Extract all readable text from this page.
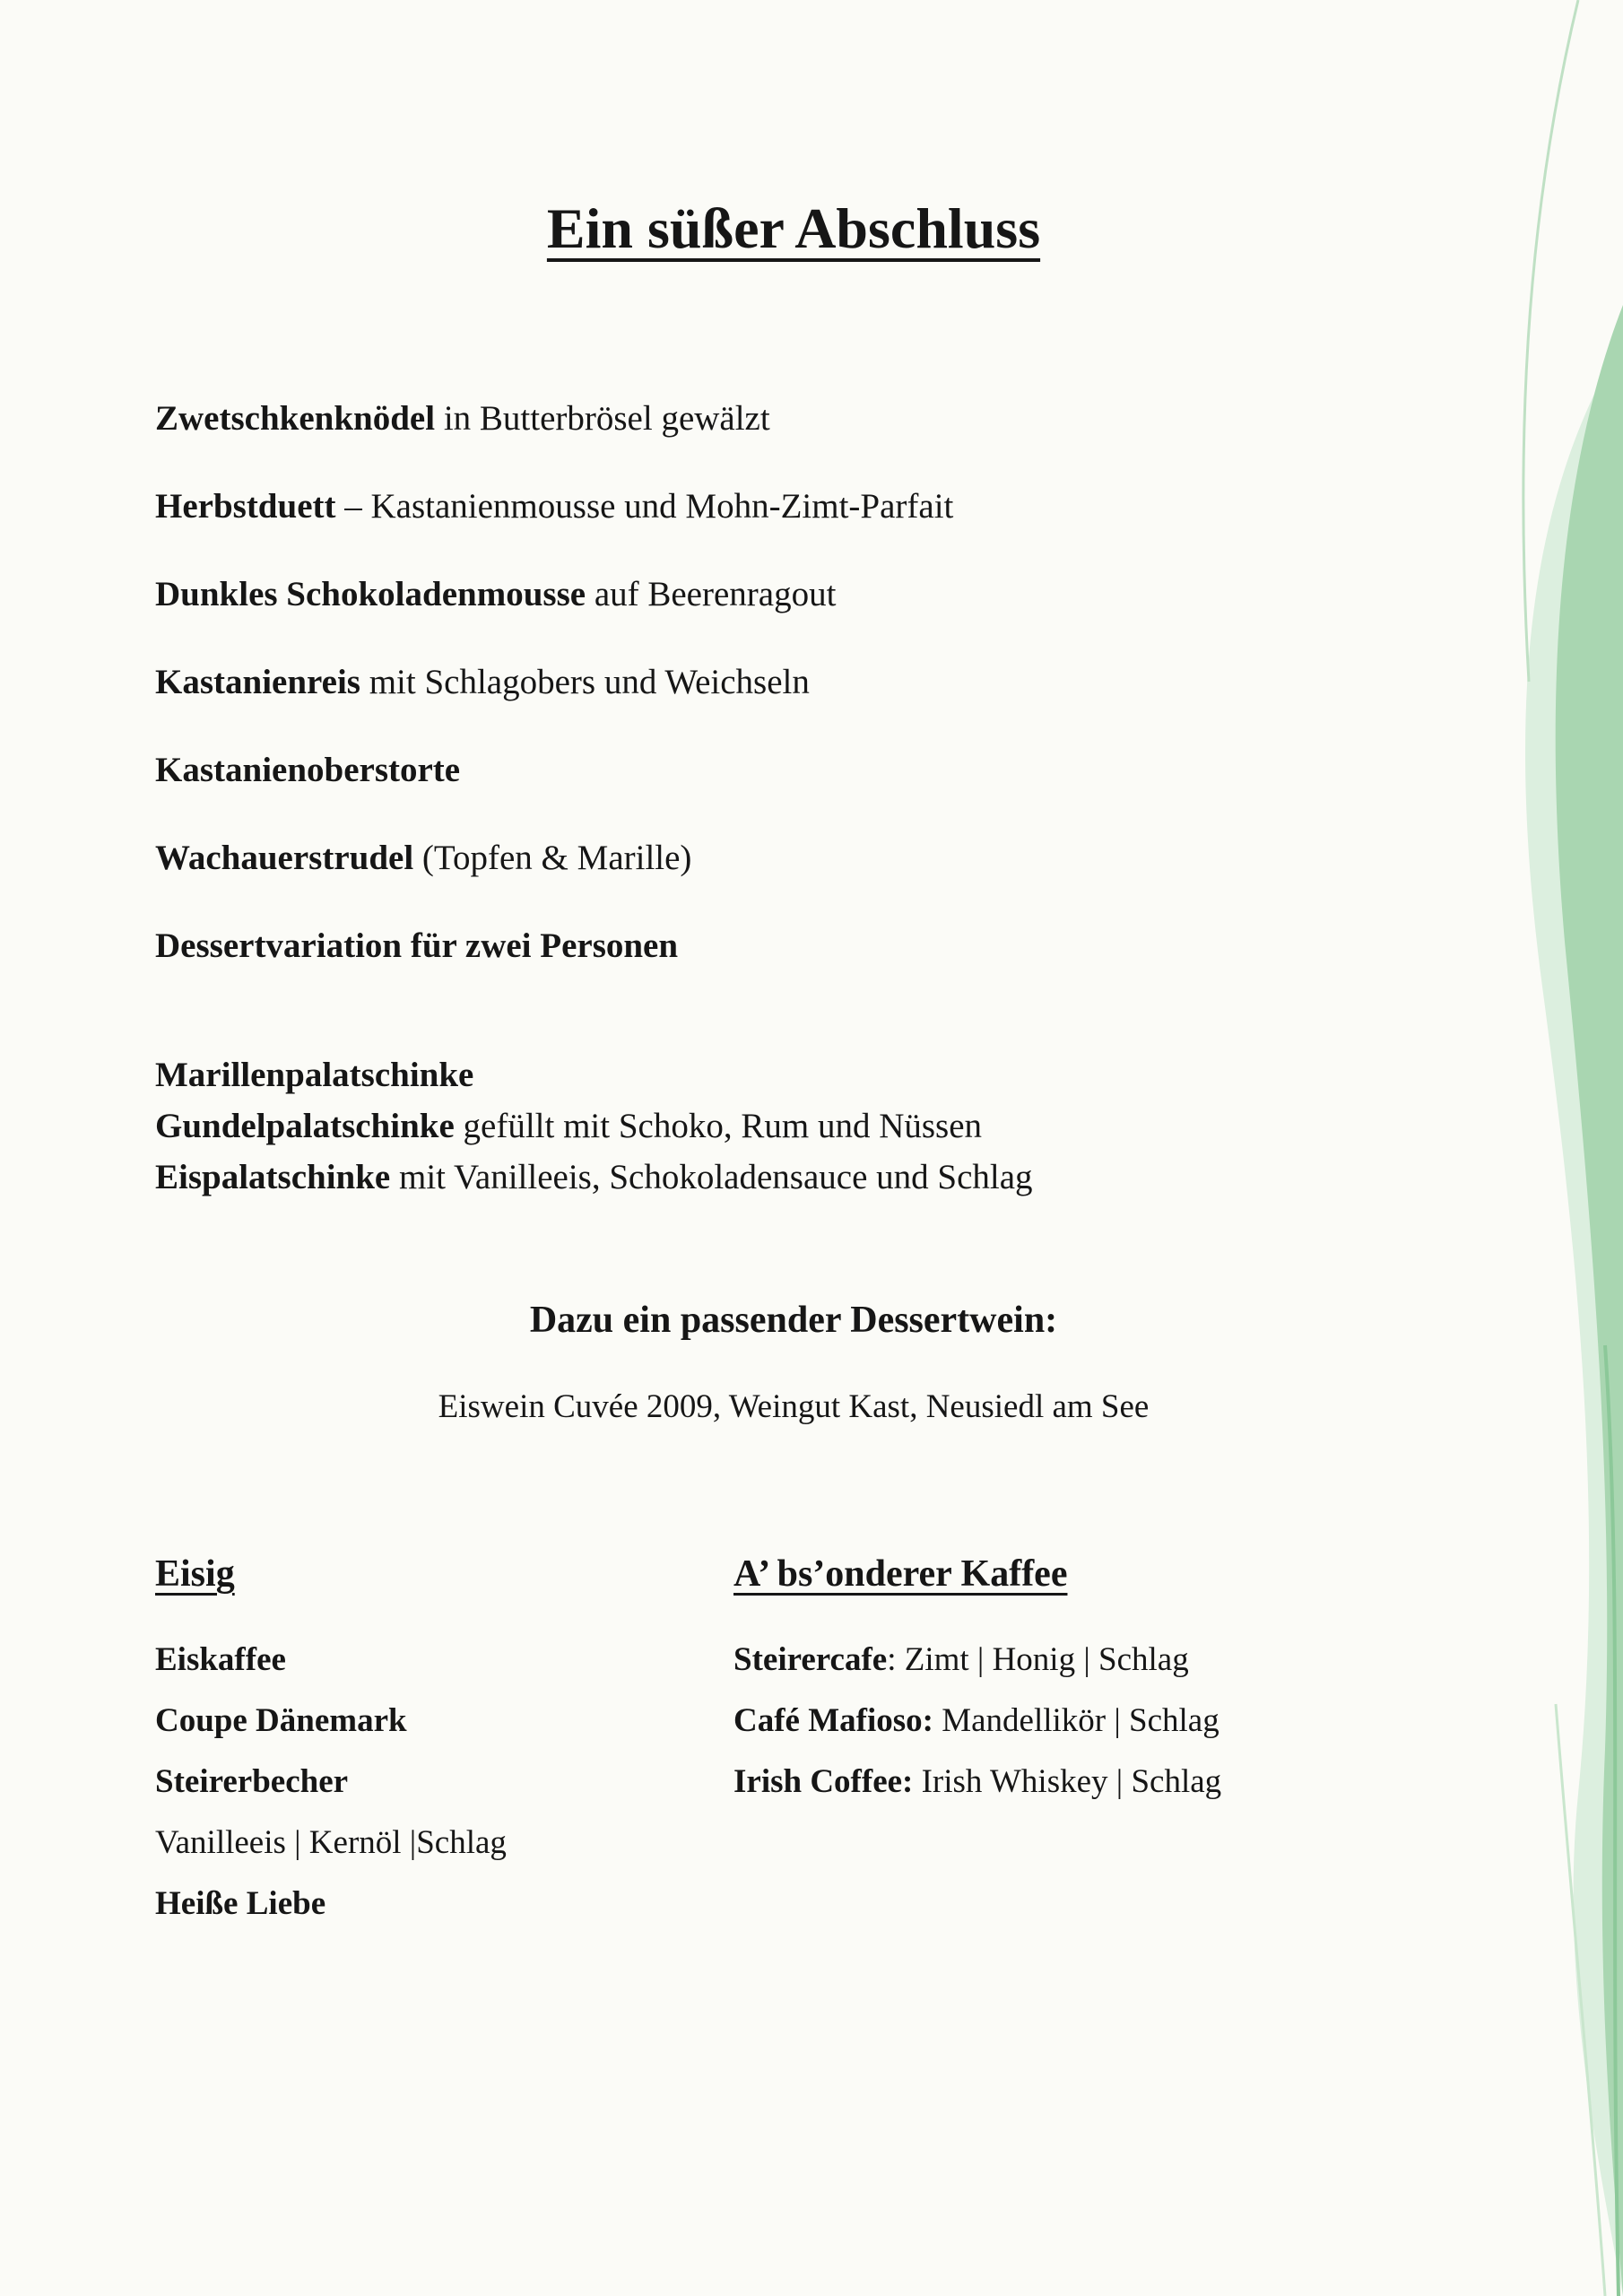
Ein süßer Abschluss
Zwetschkenknödel in Butterbrösel gewälzt
Herbstduett – Kastanienmousse und Mohn-Zimt-Parfait
Dunkles Schokoladenmousse auf Beerenragout
Kastanienreis mit Schlagobers und Weichseln
Kastanienoberstorte
Wachauerstrudel (Topfen & Marille)
Dessertvariation für zwei Personen
Marillenpalatschinke
Gundelpalatschinke gefüllt mit Schoko, Rum und Nüssen
Eispalatschinke mit Vanilleeis, Schokoladensauce und Schlag
Dazu ein passender Dessertwein:

Eiswein Cuvée 2009, Weingut Kast, Neusiedl am See

Eisig
Eiskaffee
Coupe Dänemark
Steirerbecher
Vanilleeis | Kernöl |Schlag
Heiße Liebe
A’ bs’onderer Kaffee
Steirercafe: Zimt | Honig | Schlag
Café Mafioso: Mandellikör | Schlag
Irish Coffee: Irish Whiskey | Schlag
